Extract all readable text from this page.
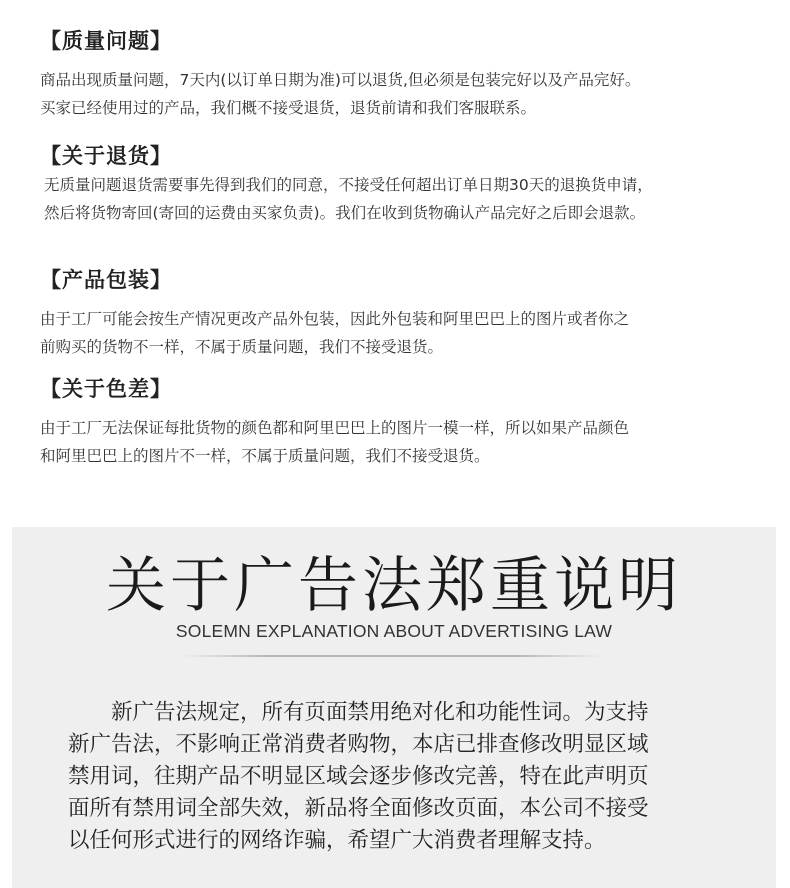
【质量问题】

商品出现质量问题，7天内(以订单日期为准)可以退货,但必须是包装完好以及产品完好。

买家已经使用过的产品，我们概不接受退货，退货前请和我们客服联系。

【关于退货】

无质量问题退货需要事先得到我们的同意，不接受任何超出订单日期30天的退换货申请，

然后将货物寄回(寄回的运费由买家负责)。我们在收到货物确认产品完好之后即会退款。

【产品包装】

由于工厂可能会按生产情况更改产品外包装，因此外包装和阿里巴巴上的图片或者你之

前购买的货物不一样，不属于质量问题，我们不接受退货。

【关于色差】

由于工厂无法保证每批货物的颜色都和阿里巴巴上的图片一模一样，所以如果产品颜色

和阿里巴巴上的图片不一样，不属于质量问题，我们不接受退货。

关于广告法郑重说明
SOLEMN EXPLANATION ABOUT ADVERTISING LAW

新广告法规定，所有页面禁用绝对化和功能性词。为支持

新广告法，不影响正常消费者购物，本店已排查修改明显区域

禁用词，往期产品不明显区域会逐步修改完善，特在此声明页

面所有禁用词全部失效，新品将全面修改页面，本公司不接受

以任何形式进行的网络诈骗，希望广大消费者理解支持。
